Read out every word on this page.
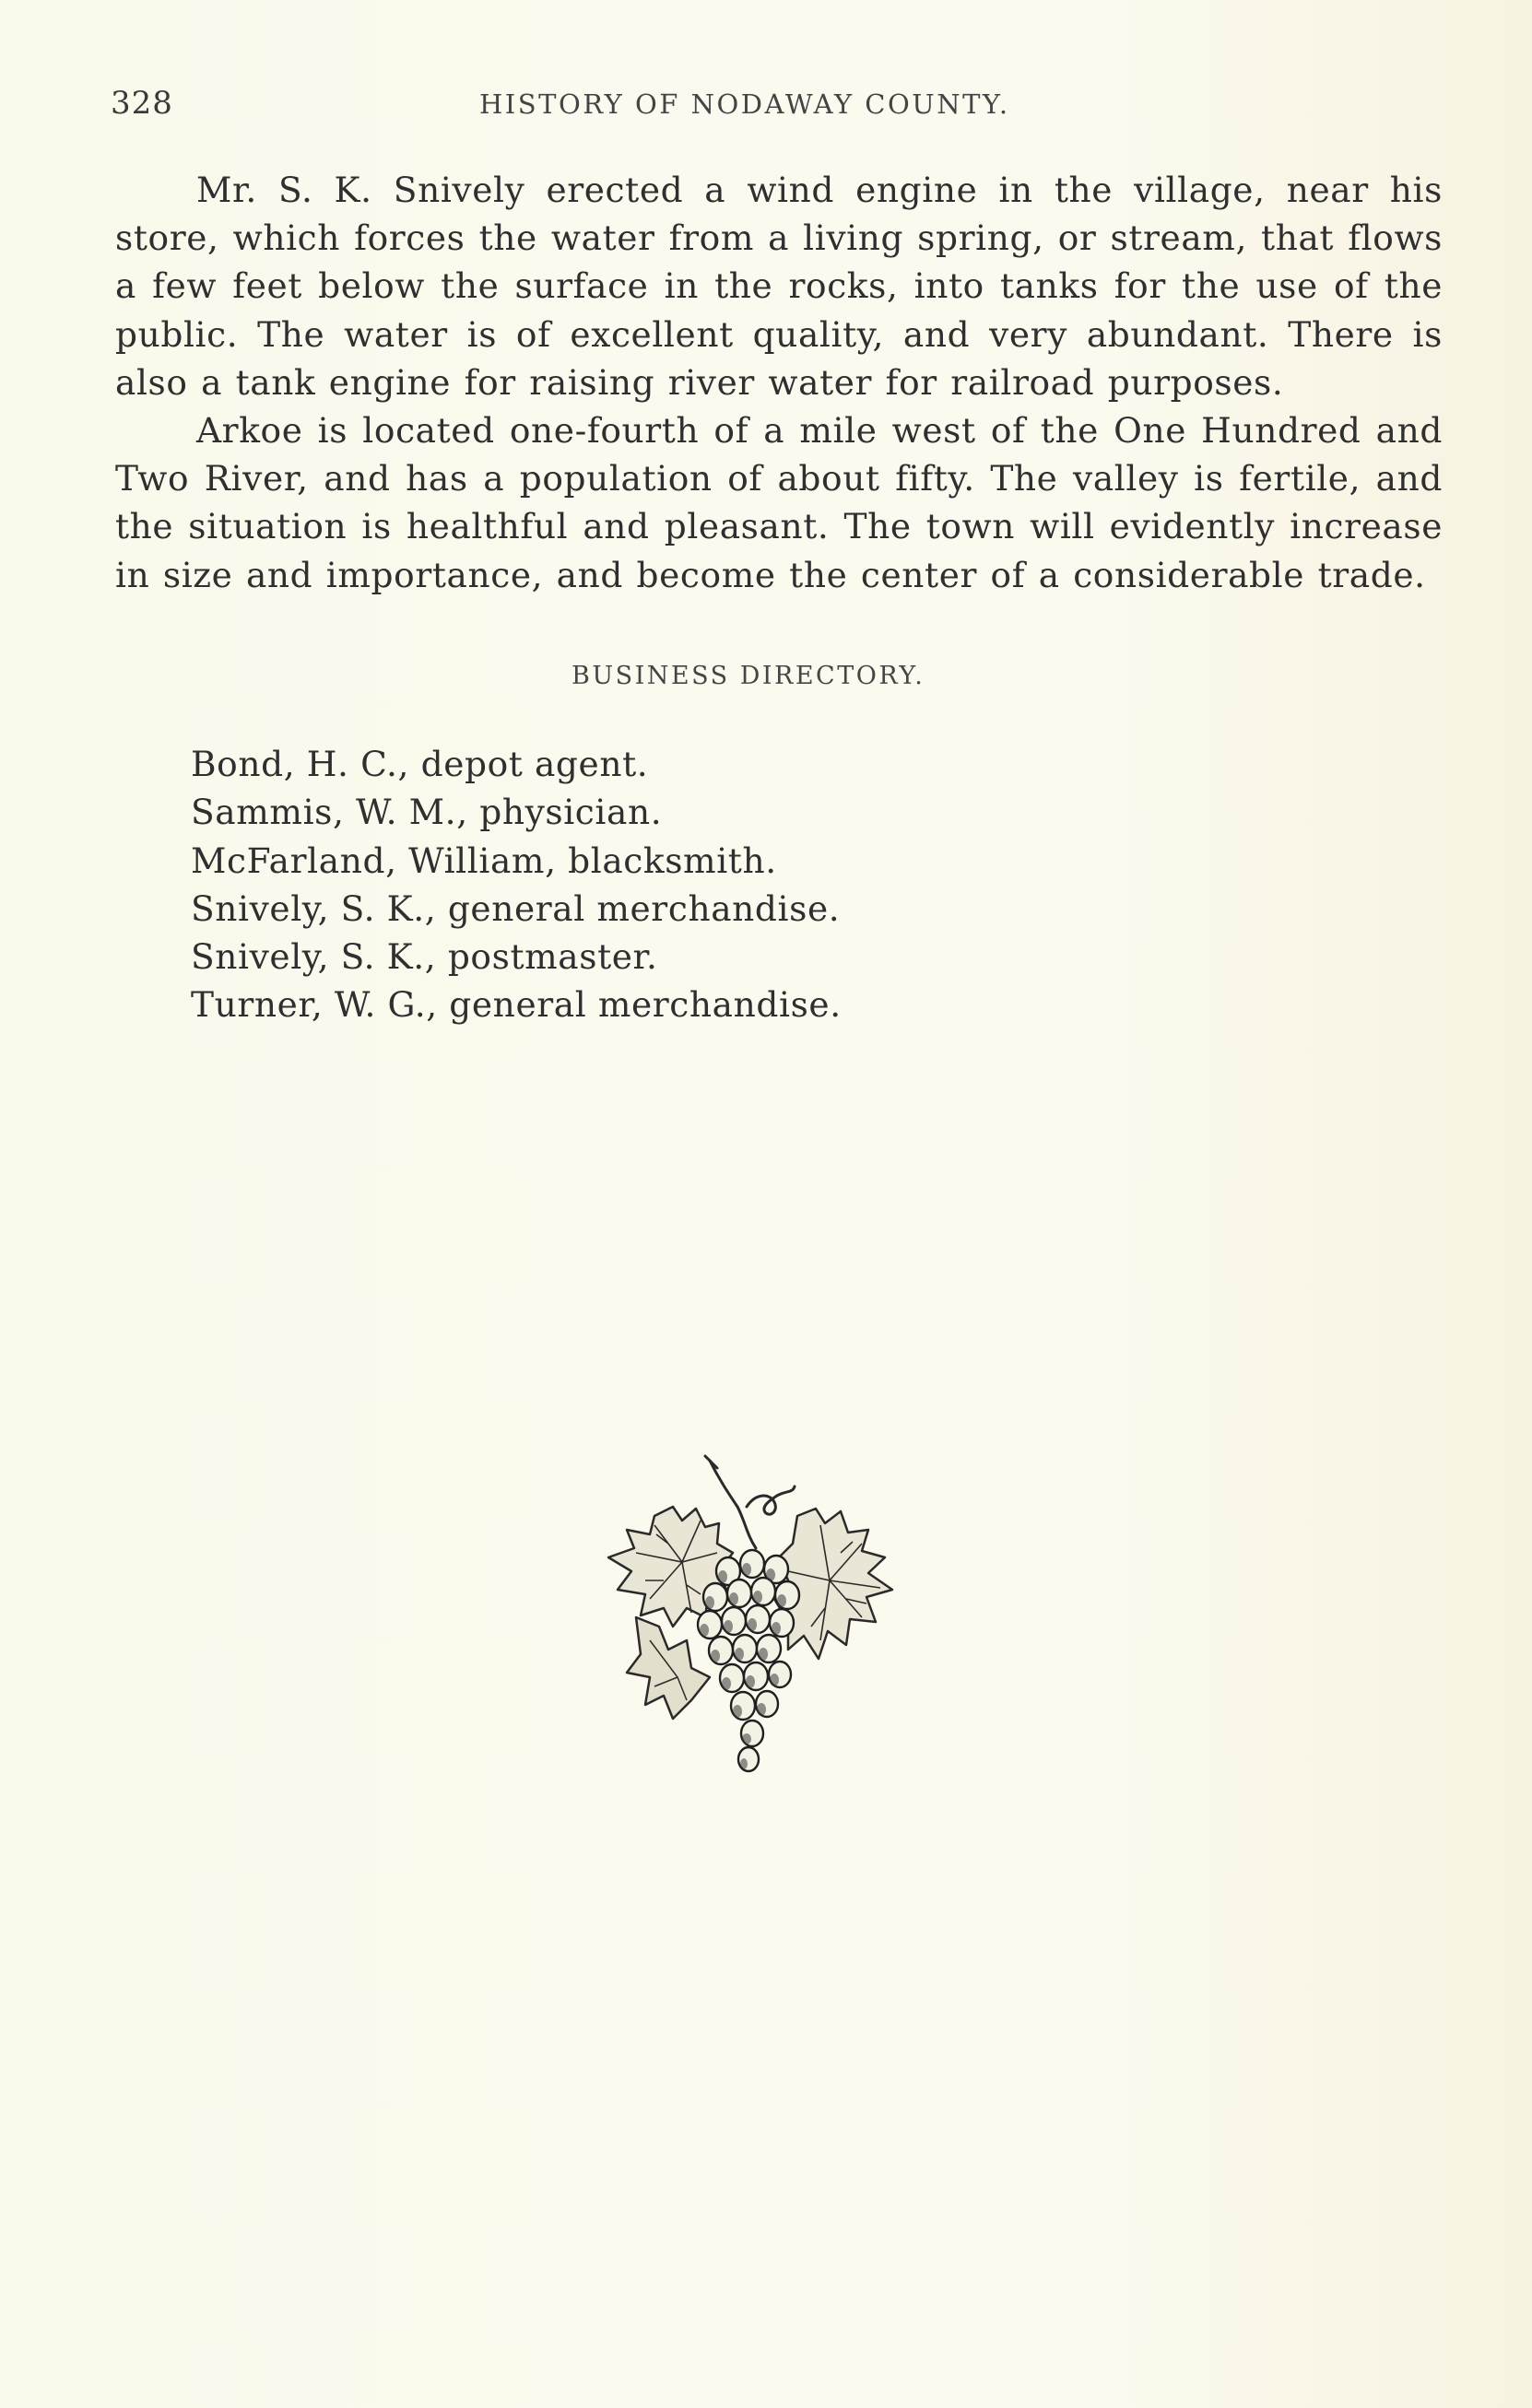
328	HISTORY OF NODAWAY COUNTY.

Mr. S. K. Snively erected a wind engine in the village, near his store, which forces the water from a living spring, or stream, that flows a few feet below the surface in the rocks, into tanks for the use of the public. The water is of excellent quality, and very abundant. There is also a tank engine for raising river water for railroad purposes.

Arkoe is located one-fourth of a mile west of the One Hundred and Two River, and has a population of about fifty. The valley is fertile, and the situation is healthful and pleasant. The town will evidently increase in size and importance, and become the center of a considerable trade.

BUSINESS DIRECTORY.
Bond, H. C., depot agent.
Sammis, W. M., physician.
McFarland, William, blacksmith.
Snively, S. K., general merchandise.
Snively, S. K., postmaster.
Turner, W. G., general merchandise.
